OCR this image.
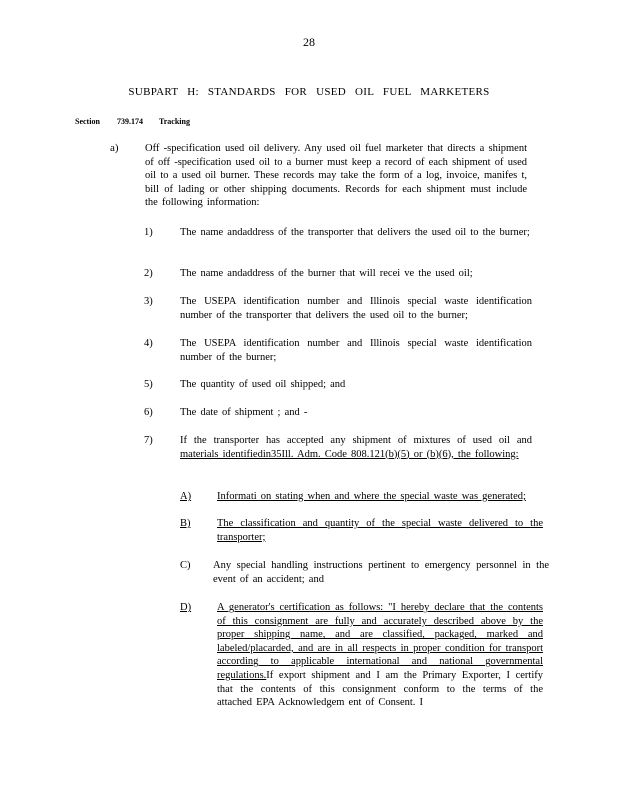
28
SUBPART H: STANDARDS FOR USED OIL FUEL MARKETERS
Section 739.174 Tracking
a)	Off -specification used oil delivery. Any used oil fuel marketer that directs a shipment of off -specification used oil to a burner must keep a record of each shipment of used oil to a used oil burner. These records may take the form of a log, invoice, manifes t, bill of lading or other shipping documents. Records for each shipment must include the following information:
1)	The name andaddress of the transporter that delivers the used oil to the burner;
2)	The name andaddress of the burner that will recei ve the used oil;
3)	The USEPA identification number and Illinois special waste identification number of the transporter that delivers the used oil to the burner;
4)	The USEPA identification number and Illinois special waste identification number of the burner;
5)	The quantity of used oil shipped; and
6)	The date of shipment ; and -
7)	If the transporter has accepted any shipment of mixtures of used oil and materials identifiedin35Ill. Adm. Code 808.121(b)(5) or (b)(6), the following:
A) Informati on stating when and where the special waste was generated;
B)	The classification and quantity of the special waste delivered to the transporter;
C) Any special handling instructions pertinent to emergency personnel in the event of an accident; and
D) A generator's certification as follows: "I hereby declare that the contents of this consignment are fully and accurately described above by the proper shipping name, and are classified, packaged, marked and labeled/placarded, and are in all respects in proper condition for transport according to applicable international and national governmental regulations.If export shipment and I am the Primary Exporter, I certify that the contents of this consignment conform to the terms of the attached EPA Acknowledgem ent of Consent. I
